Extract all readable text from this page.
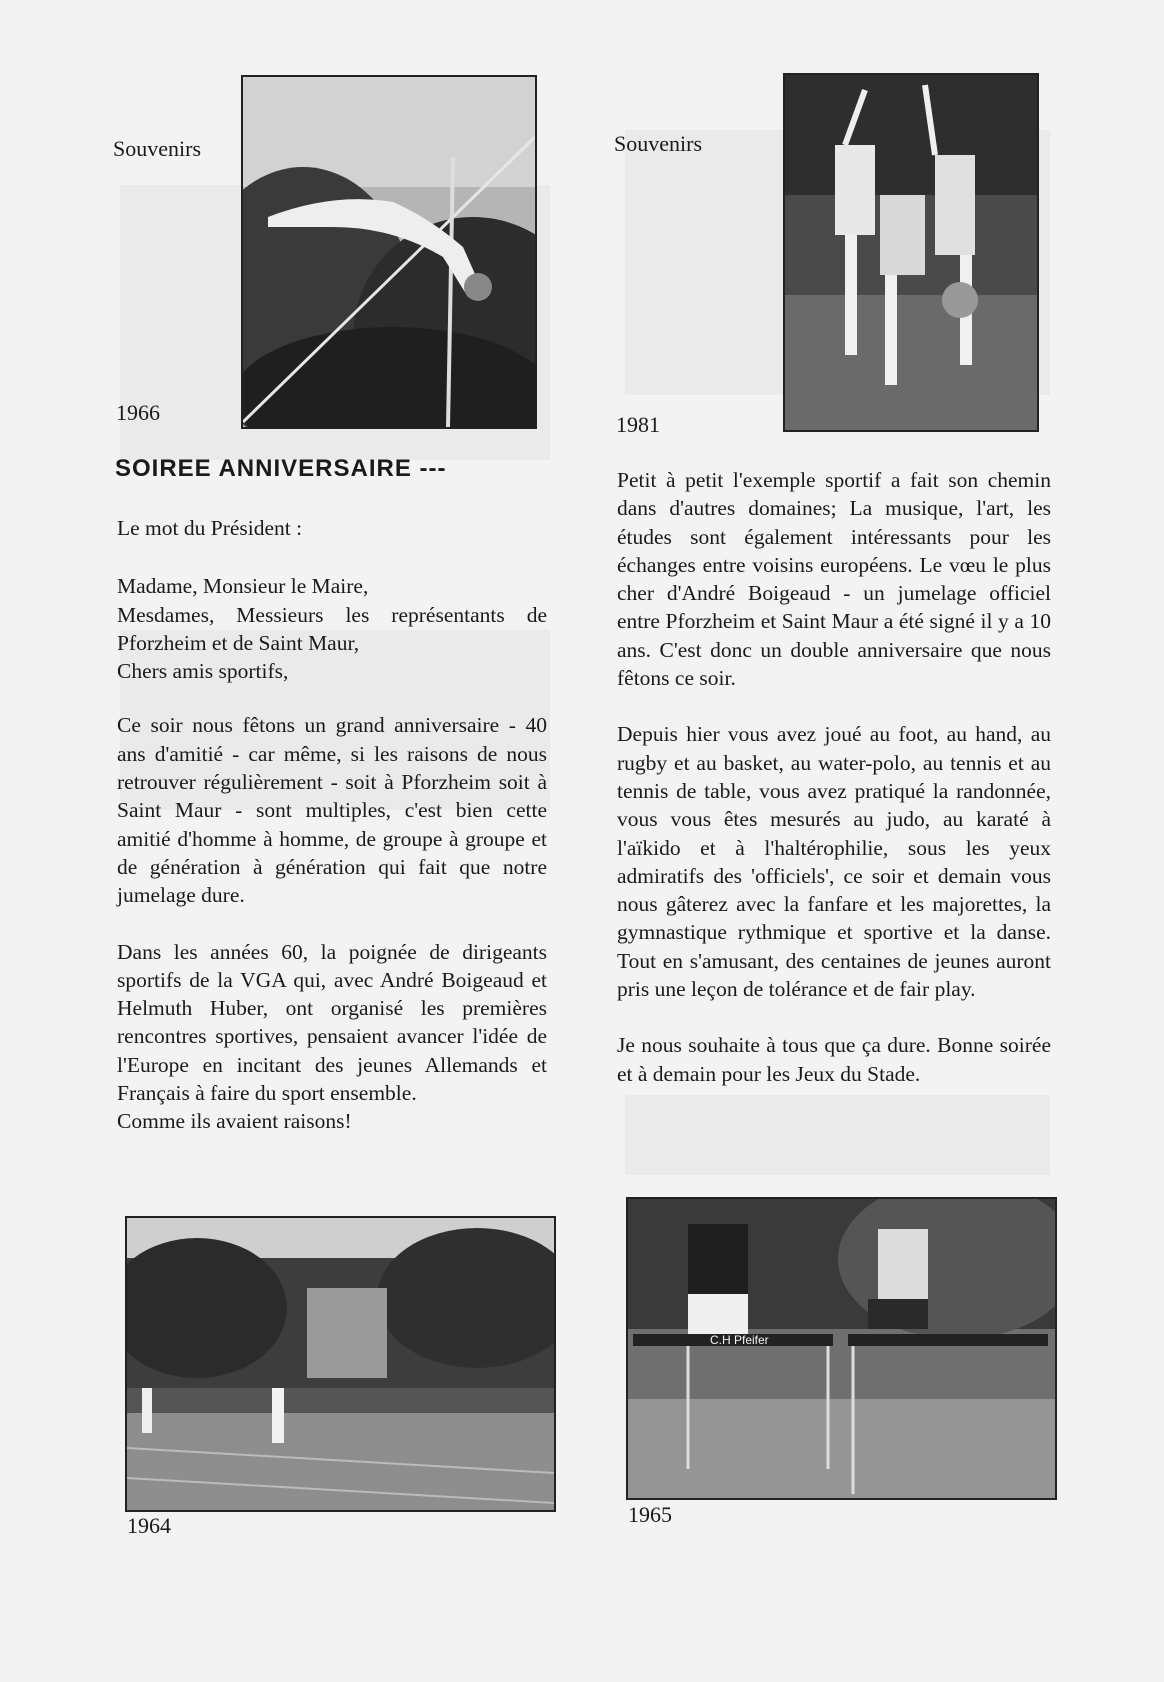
Souvenirs
1966
SOIREE ANNIVERSAIRE ---

Le mot du Président :

Madame, Monsieur le Maire,
Mesdames, Messieurs les représentants de Pforzheim et de Saint Maur,
Chers amis sportifs,

Ce soir nous fêtons un grand anniversaire - 40 ans d'amitié - car même, si les raisons de nous retrouver régulièrement - soit à Pforzheim soit à Saint Maur - sont multiples, c'est bien cette amitié d'homme à homme, de groupe à groupe et de génération à génération qui fait que notre jumelage dure.

Dans les années 60, la poignée de dirigeants sportifs de la VGA qui, avec André Boigeaud et Helmuth Huber, ont organisé les premières rencontres sportives, pensaient avancer l'idée de l'Europe en incitant des jeunes Allemands et Français à faire du sport ensemble.

Comme ils avaient raisons!

1964
Souvenirs
1981

Petit à petit l'exemple sportif a fait son chemin dans d'autres domaines; La musique, l'art, les études sont également intéressants pour les échanges entre voisins européens. Le vœu le plus cher d'André Boigeaud - un jumelage officiel entre Pforzheim et Saint Maur a été signé il y a 10 ans. C'est donc un double anniversaire que nous fêtons ce soir.

Depuis hier vous avez joué au foot, au hand, au rugby et au basket, au water-polo, au tennis et au tennis de table, vous avez pratiqué la randonnée, vous vous êtes mesurés au judo, au karaté à l'aïkido et à l'haltérophilie, sous les yeux admiratifs des 'officiels', ce soir et demain vous nous gâterez avec la fanfare et les majorettes, la gymnastique rythmique et sportive et la danse. Tout en s'amusant, des centaines de jeunes auront pris une leçon de tolérance et de fair play.

Je nous souhaite à tous que ça dure. Bonne soirée et à demain pour les Jeux du Stade.

C.H Pfeifer
1965
